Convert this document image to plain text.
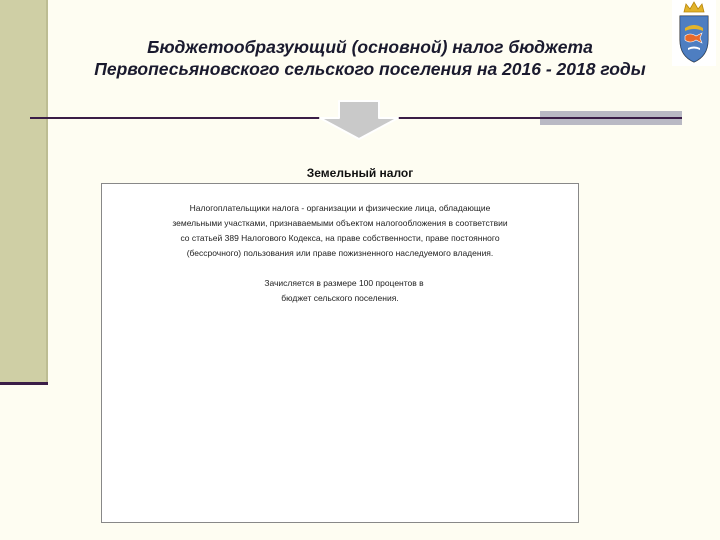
Бюджетообразующий (основной) налог бюджета
Первопесьяновского сельского поселения на 2016 - 2018 годы
Земельный налог
Налогоплательщики налога - организации и физические лица, обладающие
земельными участками, признаваемыми объектом налогообложения в соответствии
со статьей 389 Налогового Кодекса, на праве собственности, праве постоянного
(бессрочного) пользования или праве пожизненного наследуемого владения.
Зачисляется в размере 100 процентов в
бюджет сельского поселения.
